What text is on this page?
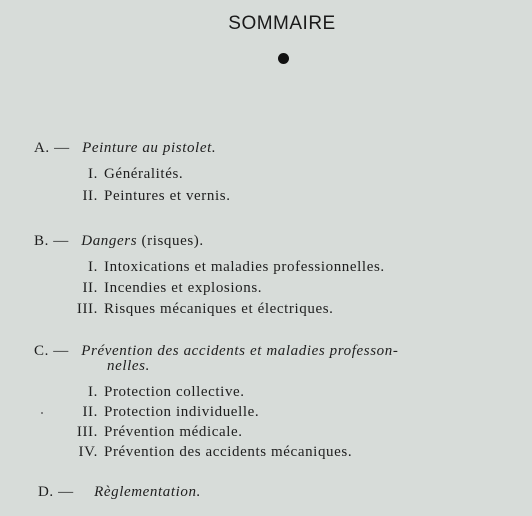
SOMMAIRE
A. — Peinture au pistolet.
I. Généralités.
II. Peintures et vernis.
B. — Dangers (risques).
I. Intoxications et maladies professionnelles.
II. Incendies et explosions.
III. Risques mécaniques et électriques.
C. — Prévention des accidents et maladies professon-
nelles.
I. Protection collective.
II. Protection individuelle.
III. Prévention médicale.
IV. Prévention des accidents mécaniques.
D. — Règlementation.
